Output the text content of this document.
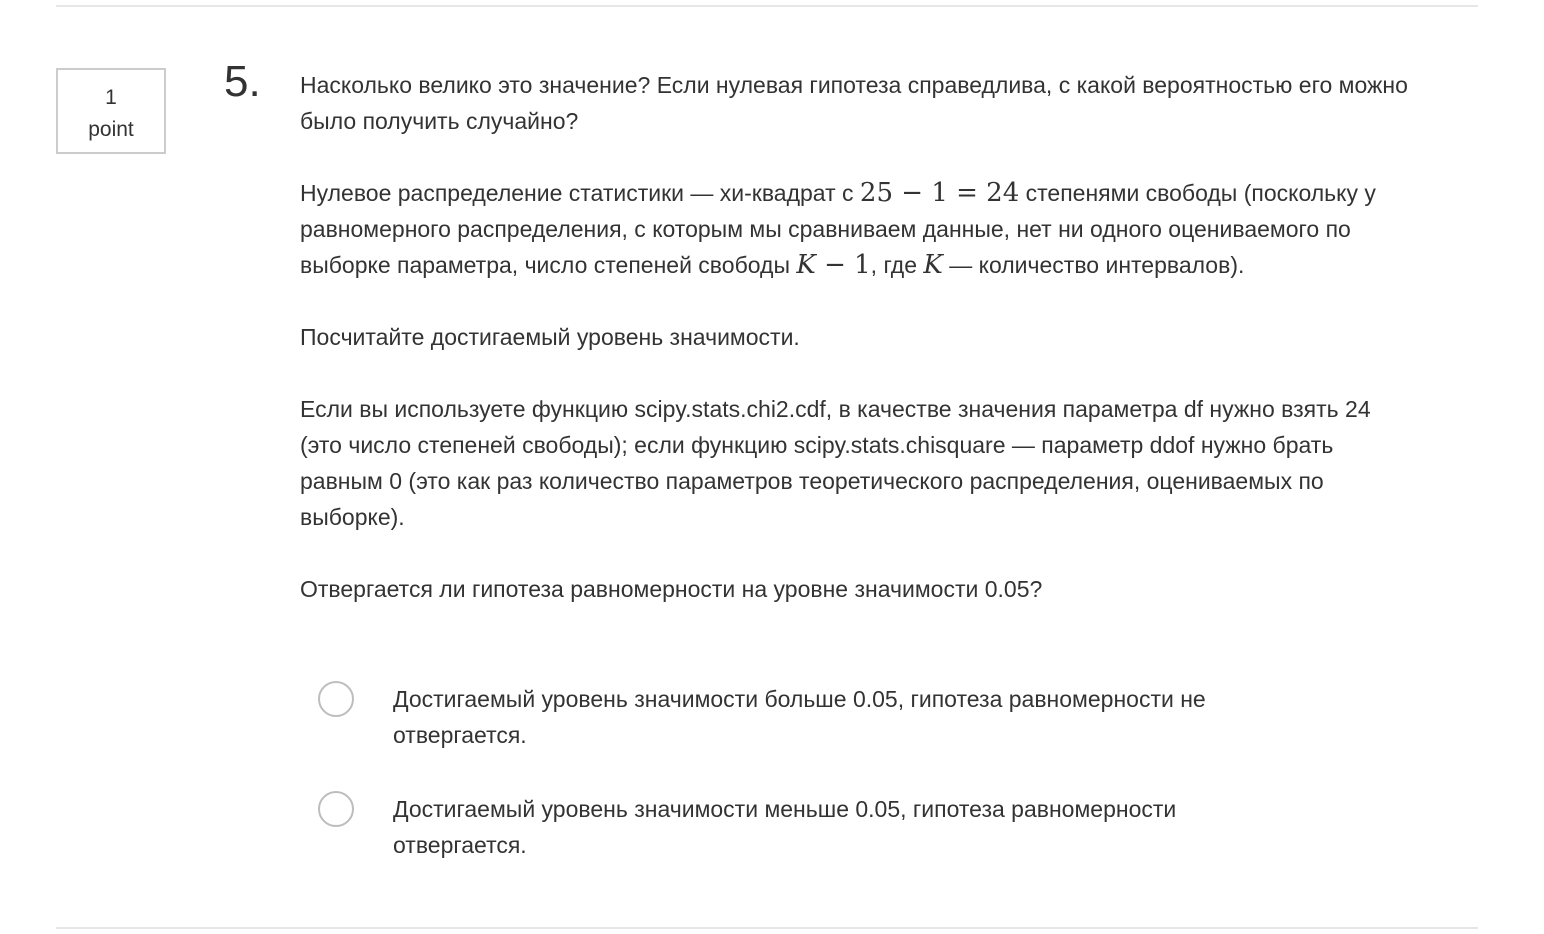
1
point
5. Насколько велико это значение? Если нулевая гипотеза справедлива, с какой вероятностью его можно было получить случайно?

Нулевое распределение статистики — хи-квадрат с 25 − 1 = 24 степенями свободы (поскольку у равномерного распределения, с которым мы сравниваем данные, нет ни одного оцениваемого по выборке параметра, число степеней свободы K − 1, где K — количество интервалов).

Посчитайте достигаемый уровень значимости.

Если вы используете функцию scipy.stats.chi2.cdf, в качестве значения параметра df нужно взять 24 (это число степеней свободы); если функцию scipy.stats.chisquare — параметр ddof нужно брать равным 0 (это как раз количество параметров теоретического распределения, оцениваемых по выборке).

Отвергается ли гипотеза равномерности на уровне значимости 0.05?

Достигаемый уровень значимости больше 0.05, гипотеза равномерности не отвергается.
Достигаемый уровень значимости меньше 0.05, гипотеза равномерности отвергается.
